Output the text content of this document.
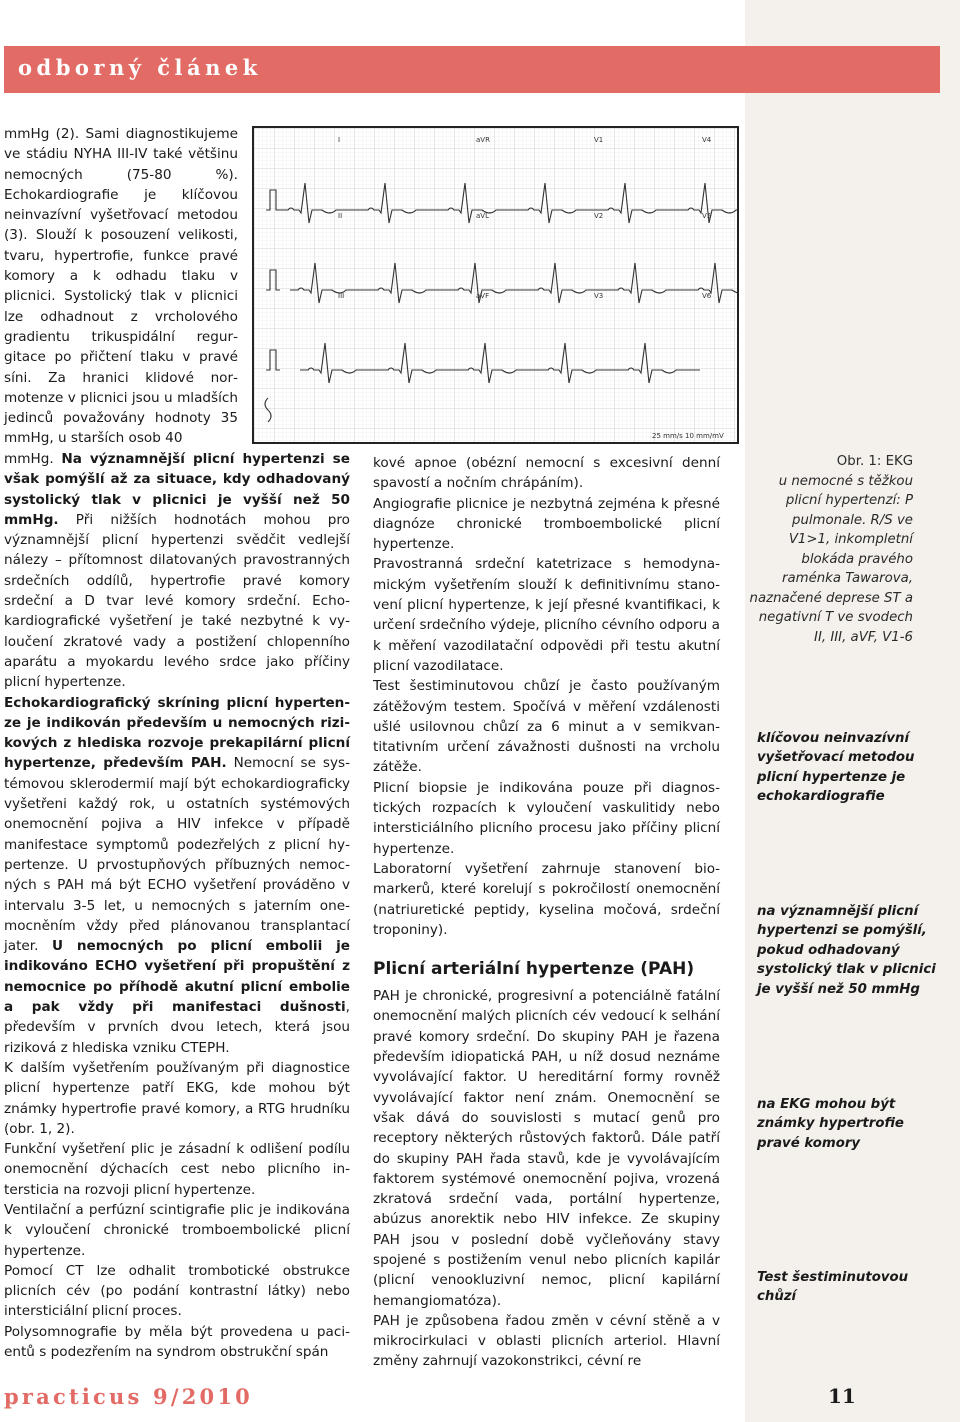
odborný článek
I	aVR	V1	V4
II	aVL	V2	V5
III	aVF	V3	V6
25 mm/s 10 mm/mV

mmHg (2). Sami diagnostikujeme ve stádiu NYHA III-IV také většinu nemocných (75-80 %). Echokardiografie je klíčovou neinvazívní vyšetřovací metodou (3). Slouží k posouzení velikosti, tvaru, hypertrofie, funkce pravé komory a k odhadu tlaku v plicnici. Systolický tlak v plicnici lze odhadnout z vrcholového gradientu trikuspidální regurgitace po přičtení tlaku v pravé síni. Za hranici klidové normotenze v plicnici jsou u mladších jedinců považovány hodnoty 35 mmHg, u starších osob 40

mmHg. Na významnější plicní hypertenzi se však pomýšlí až za situace, kdy odhadovaný systolický tlak v plicnici je vyšší než 50 mmHg. Při nižších hodnotách mohou pro významnější plicní hypertenzi svědčit vedlejší nálezy – přítomnost dilatovaných pravostranných srdečních oddílů, hypertrofie pravé komory srdeční a D tvar levé komory srdeční. Echokardiografické vyšetření je také nezbytné k vyloučení zkratové vady a postižení chlopenního aparátu a myokardu levého srdce jako příčiny plicní hypertenze.

Echokardiografický skríning plicní hypertenze je indikován především u nemocných rizikových z hlediska rozvoje prekapilární plicní hypertenze, především PAH. Nemocní se systémovou sklerodermií mají být echokardiograficky vyšetřeni každý rok, u ostatních systémových onemocnění pojiva a HIV infekce v případě manifestace symptomů podezřelých z plicní hypertenze. U prvostupňových příbuzných nemocných s PAH má být ECHO vyšetření prováděno v intervalu 3-5 let, u nemocných s jaterním onemocněním vždy před plánovanou transplantací jater. U nemocných po plicní embolii je indikováno ECHO vyšetření při propuštění z nemocnice po příhodě akutní plicní embolie a pak vždy při manifestaci dušnosti, především v prvních dvou letech, která jsou riziková z hlediska vzniku CTEPH.

K dalším vyšetřením používaným při diagnostice plicní hypertenze patří EKG, kde mohou být známky hypertrofie pravé komory, a RTG hrudníku (obr. 1, 2).

Funkční vyšetření plic je zásadní k odlišení podílu onemocnění dýchacích cest nebo plicního intersticia na rozvoji plicní hypertenze.

Ventilační a perfúzní scintigrafie plic je indikována k vyloučení chronické tromboembolické plicní hypertenze.

Pomocí CT lze odhalit trombotické obstrukce plicních cév (po podání kontrastní látky) nebo intersticiální plicní proces.

Polysomnografie by měla být provedena u pacientů s podezřením na syndrom obstrukční spán

kové apnoe (obézní nemocní s excesivní denní spavostí a nočním chrápáním).

Angiografie plicnice je nezbytná zejména k přesné diagnóze chronické tromboembolické plicní hypertenze.

Pravostranná srdeční katetrizace s hemodynamickým vyšetřením slouží k definitivnímu stanovení plicní hypertenze, k její přesné kvantifikaci, k určení srdečního výdeje, plicního cévního odporu a k měření vazodilatační odpovědi při testu akutní plicní vazodilatace.

Test šestiminutovou chůzí je často používaným zátěžovým testem. Spočívá v měření vzdálenosti ušlé usilovnou chůzí za 6 minut a v semikvantitativním určení závažnosti dušnosti na vrcholu zátěže.

Plicní biopsie je indikována pouze při diagnostických rozpacích k vyloučení vaskulitidy nebo intersticiálního plicního procesu jako příčiny plicní hypertenze.

Laboratorní vyšetření zahrnuje stanovení biomarkerů, které korelují s pokročilostí onemocnění (natriuretické peptidy, kyselina močová, srdeční troponiny).

Plicní arteriální hypertenze (PAH)

PAH je chronické, progresivní a potenciálně fatální onemocnění malých plicních cév vedoucí k selhání pravé komory srdeční. Do skupiny PAH je řazena především idiopatická PAH, u níž dosud neznáme vyvolávající faktor. U hereditární formy rovněž vyvolávající faktor není znám. Onemocnění se však dává do souvislosti s mutací genů pro receptory některých růstových faktorů. Dále patří do skupiny PAH řada stavů, kde je vyvolávajícím faktorem systémové onemocnění pojiva, vrozená zkratová srdeční vada, portální hypertenze, abúzus anorektik nebo HIV infekce. Ze skupiny PAH jsou v poslední době vyčleňovány stavy spojené s postižením venul nebo plicních kapilár (plicní venookluzivní nemoc, plicní kapilární hemangiomatóza).

PAH je způsobena řadou změn v cévní stěně a v mikrocirkulaci v oblasti plicních arteriol. Hlavní změny zahrnují vazokonstrikci, cévní re

Obr. 1: EKG
u nemocné s těžkou plicní hypertenzí: P pulmonale. R/S ve V1>1, inkompletní blokáda pravého raménka Tawarova, naznačené deprese ST a negativní T ve svodech II, III, aVF, V1-6
klíčovou neinvazívní vyšetřovací metodou plicní hypertenze je echokardiografie
na významnější plicní hypertenzi se pomýšlí, pokud odhadovaný systolický tlak v plicnici je vyšší než 50 mmHg
na EKG mohou být známky hypertrofie pravé komory
Test šestiminutovou chůzí
practicus 9/2010	11
